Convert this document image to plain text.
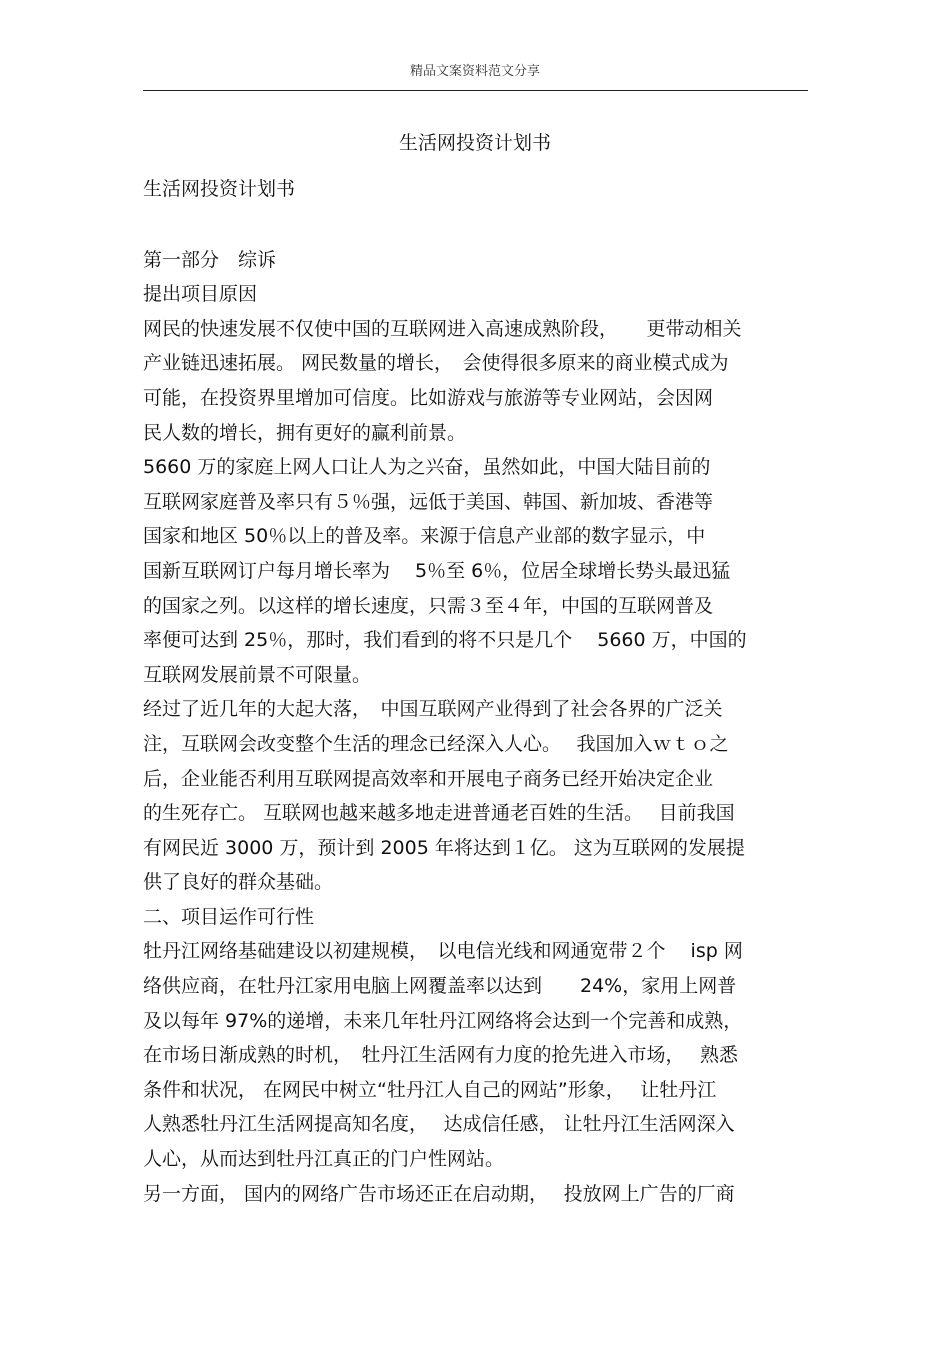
精品文案资料范文分享
生活网投资计划书
生活网投资计划书
第一部分　综诉
提出项目原因
网民的快速发展不仅使中国的互联网进入高速成熟阶段，　　更带动相关
产业链迅速拓展。 网民数量的增长，　会使得很多原来的商业模式成为
可能，在投资界里增加可信度。比如游戏与旅游等专业网站，会因网
民人数的增长，拥有更好的赢利前景。
5660 万的家庭上网人口让人为之兴奋，虽然如此，中国大陆目前的
互联网家庭普及率只有５％强，远低于美国、韩国、新加坡、香港等
国家和地区 50％以上的普及率。来源于信息产业部的数字显示，中
国新互联网订户每月增长率为　 5％至 6％，位居全球增长势头最迅猛
的国家之列。以这样的增长速度，只需３至４年，中国的互联网普及
率便可达到 25％，那时，我们看到的将不只是几个　 5660 万，中国的
互联网发展前景不可限量。
经过了近几年的大起大落，　中国互联网产业得到了社会各界的广泛关
注，互联网会改变整个生活的理念已经深入人心。　 我国加入ｗｔｏ之
后，企业能否利用互联网提高效率和开展电子商务已经开始决定企业
的生死存亡。 互联网也越来越多地走进普通老百姓的生活。　 目前我国
有网民近 3000 万，预计到 2005 年将达到１亿。 这为互联网的发展提
供了良好的群众基础。
二、项目运作可行性
牡丹江网络基础建设以初建规模，　以电信光线和网通宽带２个　 isp 网
络供应商，在牡丹江家用电脑上网覆盖率以达到　　24%，家用上网普
及以每年 97%的递增，未来几年牡丹江网络将会达到一个完善和成熟，
在市场日渐成熟的时机，　牡丹江生活网有力度的抢先进入市场，　 熟悉
条件和状况， 在网民中树立“牡丹江人自己的网站”形象，　 让牡丹江
人熟悉牡丹江生活网提高知名度，　 达成信任感， 让牡丹江生活网深入
人心，从而达到牡丹江真正的门户性网站。
另一方面， 国内的网络广告市场还正在启动期，　 投放网上广告的厂商
